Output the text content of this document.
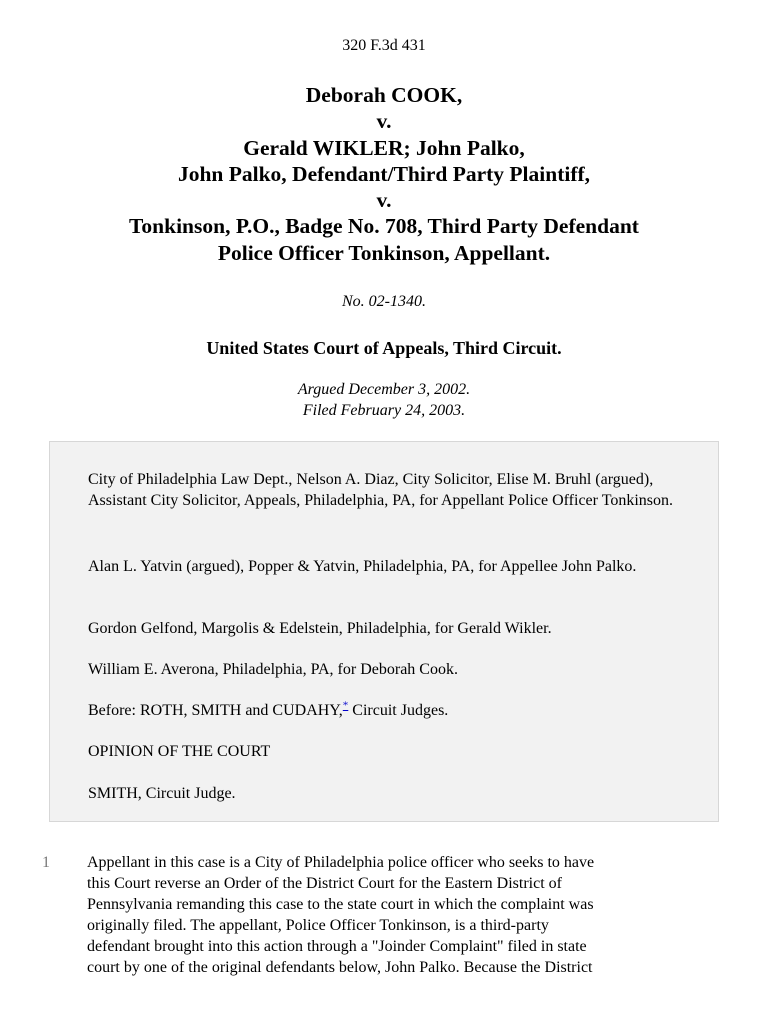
320 F.3d 431
Deborah COOK,
v.
Gerald WIKLER; John Palko,
John Palko, Defendant/Third Party Plaintiff,
v.
Tonkinson, P.O., Badge No. 708, Third Party Defendant
Police Officer Tonkinson, Appellant.
No. 02-1340.
United States Court of Appeals, Third Circuit.
Argued December 3, 2002.
Filed February 24, 2003.

City of Philadelphia Law Dept., Nelson A. Diaz, City Solicitor, Elise M. Bruhl (argued), Assistant City Solicitor, Appeals, Philadelphia, PA, for Appellant Police Officer Tonkinson.

Alan L. Yatvin (argued), Popper & Yatvin, Philadelphia, PA, for Appellee John Palko.

Gordon Gelfond, Margolis & Edelstein, Philadelphia, for Gerald Wikler.

William E. Averona, Philadelphia, PA, for Deborah Cook.

Before: ROTH, SMITH and CUDAHY,* Circuit Judges.

OPINION OF THE COURT

SMITH, Circuit Judge.

1 Appellant in this case is a City of Philadelphia police officer who seeks to have
this Court reverse an Order of the District Court for the Eastern District of
Pennsylvania remanding this case to the state court in which the complaint was
originally filed. The appellant, Police Officer Tonkinson, is a third-party
defendant brought into this action through a "Joinder Complaint" filed in state
court by one of the original defendants below, John Palko. Because the District
